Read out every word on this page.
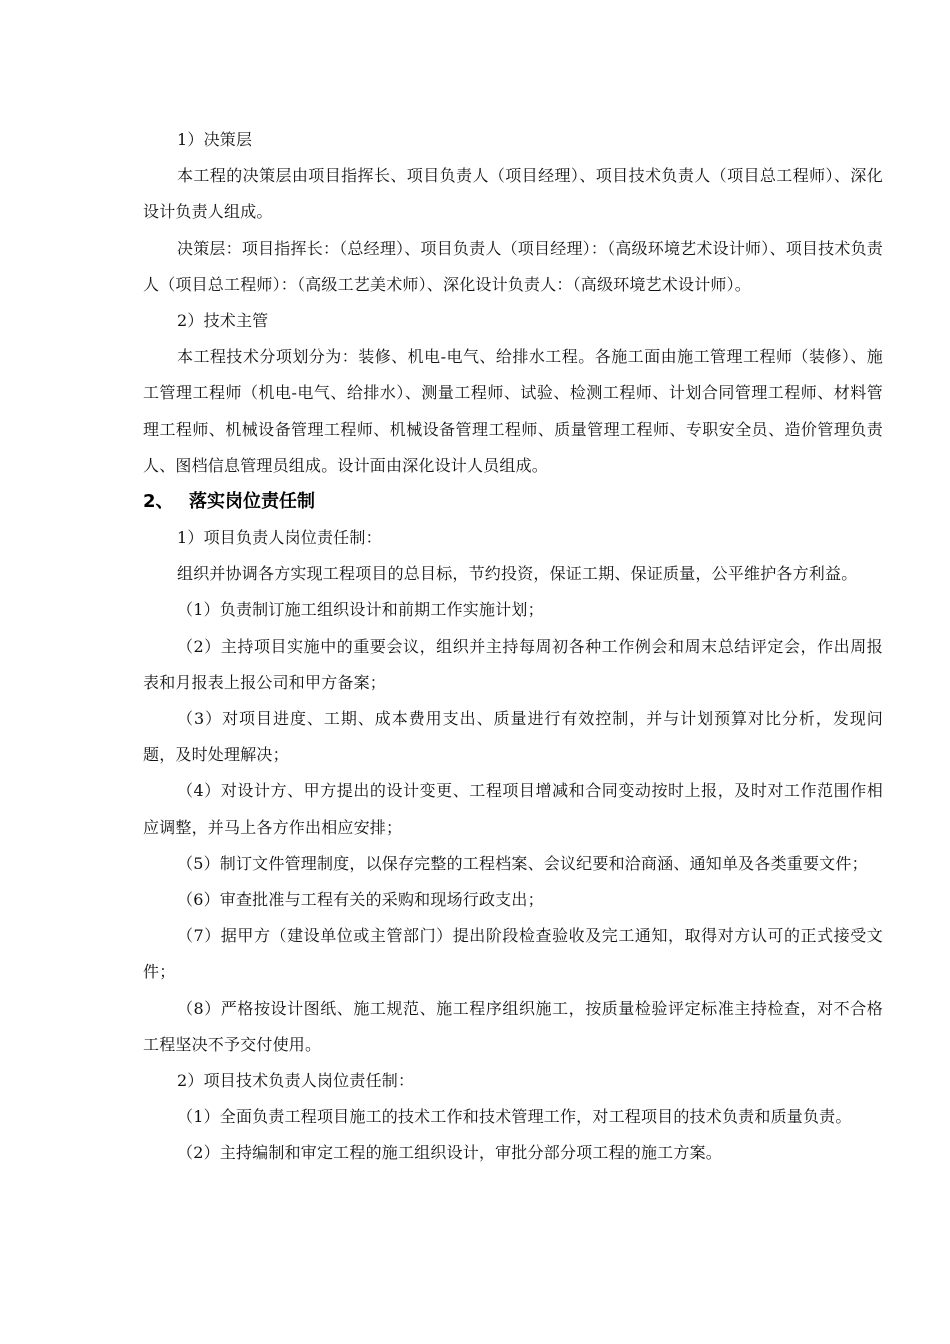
1）决策层

本工程的决策层由项目指挥长、项目负责人（项目经理）、项目技术负责人（项目总工程师）、深化设计负责人组成。

决策层：项目指挥长：（总经理）、项目负责人（项目经理）：（高级环境艺术设计师）、项目技术负责人（项目总工程师）：（高级工艺美术师）、深化设计负责人：（高级环境艺术设计师）。

2）技术主管

本工程技术分项划分为：装修、机电-电气、给排水工程。各施工面由施工管理工程师（装修）、施工管理工程师（机电-电气、给排水）、测量工程师、试验、检测工程师、计划合同管理工程师、材料管理工程师、机械设备管理工程师、机械设备管理工程师、质量管理工程师、专职安全员、造价管理负责人、图档信息管理员组成。设计面由深化设计人员组成。

2、 落实岗位责任制

1）项目负责人岗位责任制：

组织并协调各方实现工程项目的总目标，节约投资，保证工期、保证质量，公平维护各方利益。

（1）负责制订施工组织设计和前期工作实施计划；

（2）主持项目实施中的重要会议，组织并主持每周初各种工作例会和周末总结评定会，作出周报表和月报表上报公司和甲方备案；

（3）对项目进度、工期、成本费用支出、质量进行有效控制，并与计划预算对比分析，发现问题，及时处理解决；

（4）对设计方、甲方提出的设计变更、工程项目增减和合同变动按时上报，及时对工作范围作相应调整，并马上各方作出相应安排；

（5）制订文件管理制度，以保存完整的工程档案、会议纪要和洽商涵、通知单及各类重要文件；

（6）审查批准与工程有关的采购和现场行政支出；

（7）据甲方（建设单位或主管部门）提出阶段检查验收及完工通知，取得对方认可的正式接受文件；

（8）严格按设计图纸、施工规范、施工程序组织施工，按质量检验评定标准主持检查，对不合格工程坚决不予交付使用。

2）项目技术负责人岗位责任制：

（1）全面负责工程项目施工的技术工作和技术管理工作，对工程项目的技术负责和质量负责。

（2）主持编制和审定工程的施工组织设计，审批分部分项工程的施工方案。
